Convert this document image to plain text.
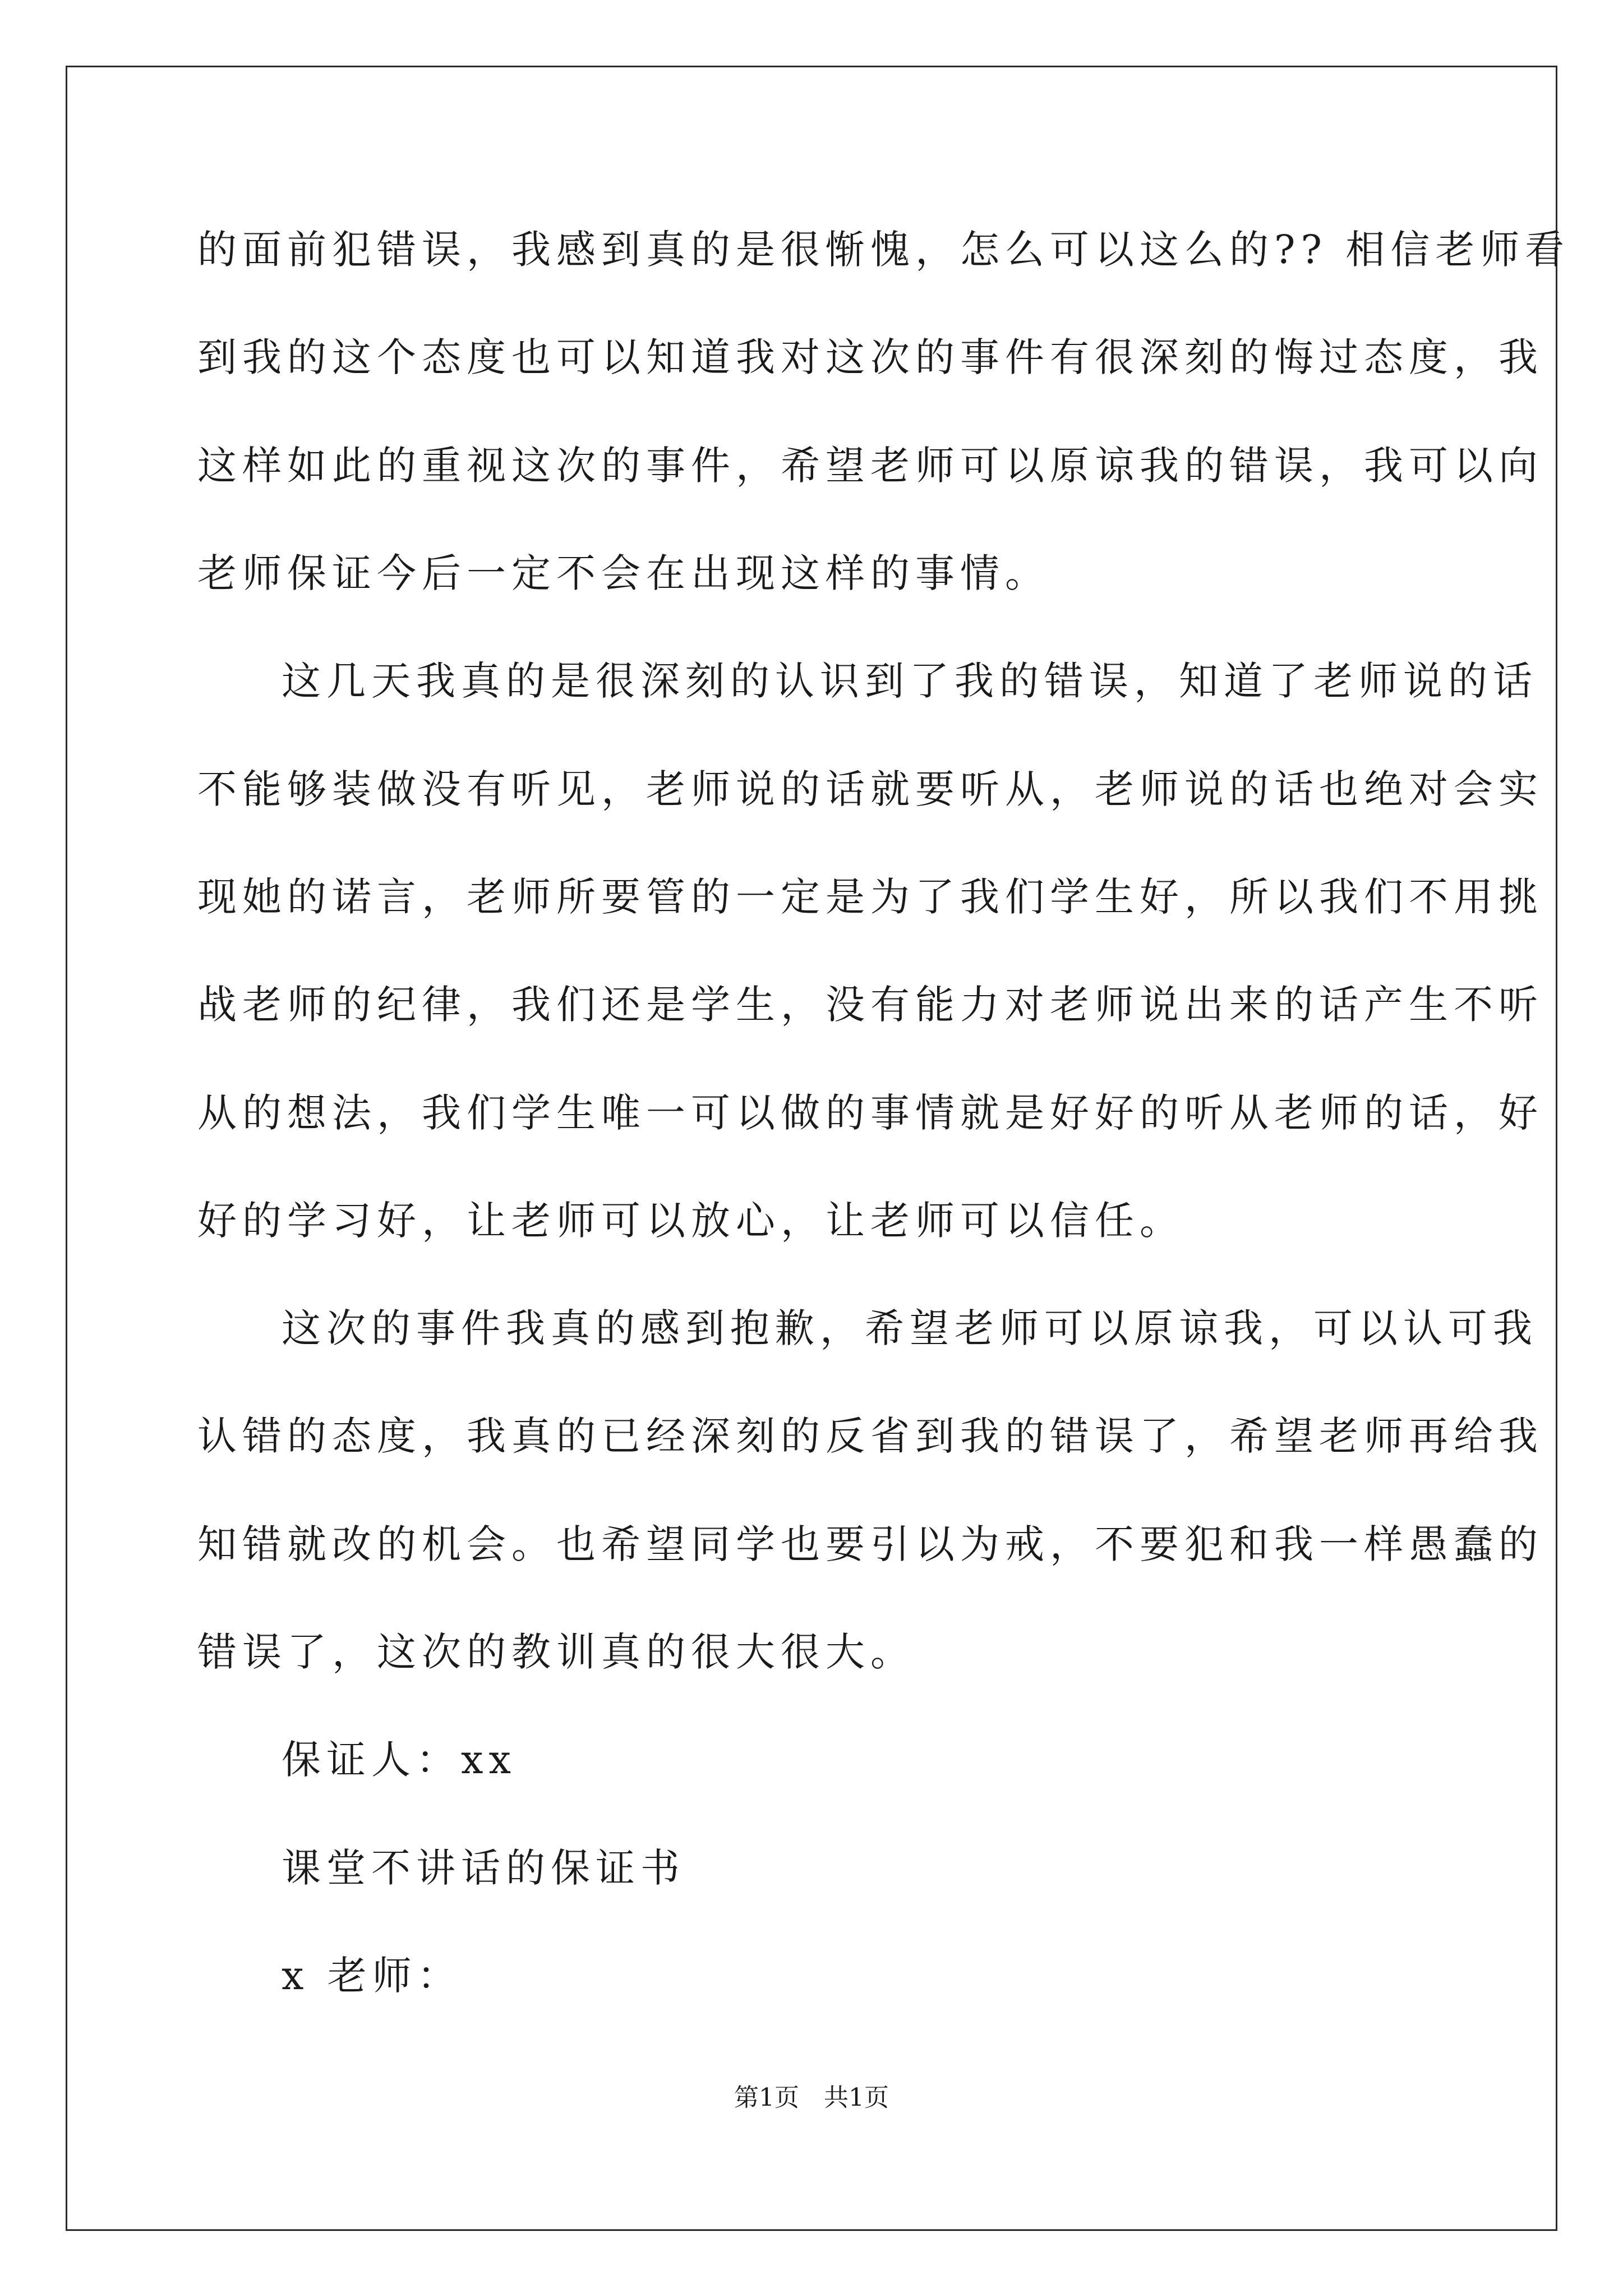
的面前犯错误，我感到真的是很惭愧，怎么可以这么的?? 相信老师看
到我的这个态度也可以知道我对这次的事件有很深刻的悔过态度，我
这样如此的重视这次的事件，希望老师可以原谅我的错误，我可以向
老师保证今后一定不会在出现这样的事情。
这几天我真的是很深刻的认识到了我的错误，知道了老师说的话
不能够装做没有听见，老师说的话就要听从，老师说的话也绝对会实
现她的诺言，老师所要管的一定是为了我们学生好，所以我们不用挑
战老师的纪律，我们还是学生，没有能力对老师说出来的话产生不听
从的想法，我们学生唯一可以做的事情就是好好的听从老师的话，好
好的学习好，让老师可以放心，让老师可以信任。
这次的事件我真的感到抱歉，希望老师可以原谅我，可以认可我
认错的态度，我真的已经深刻的反省到我的错误了，希望老师再给我
知错就改的机会。也希望同学也要引以为戒，不要犯和我一样愚蠢的
错误了，这次的教训真的很大很大。
保证人：xx
课堂不讲话的保证书
x 老师：
第1页　共1页
